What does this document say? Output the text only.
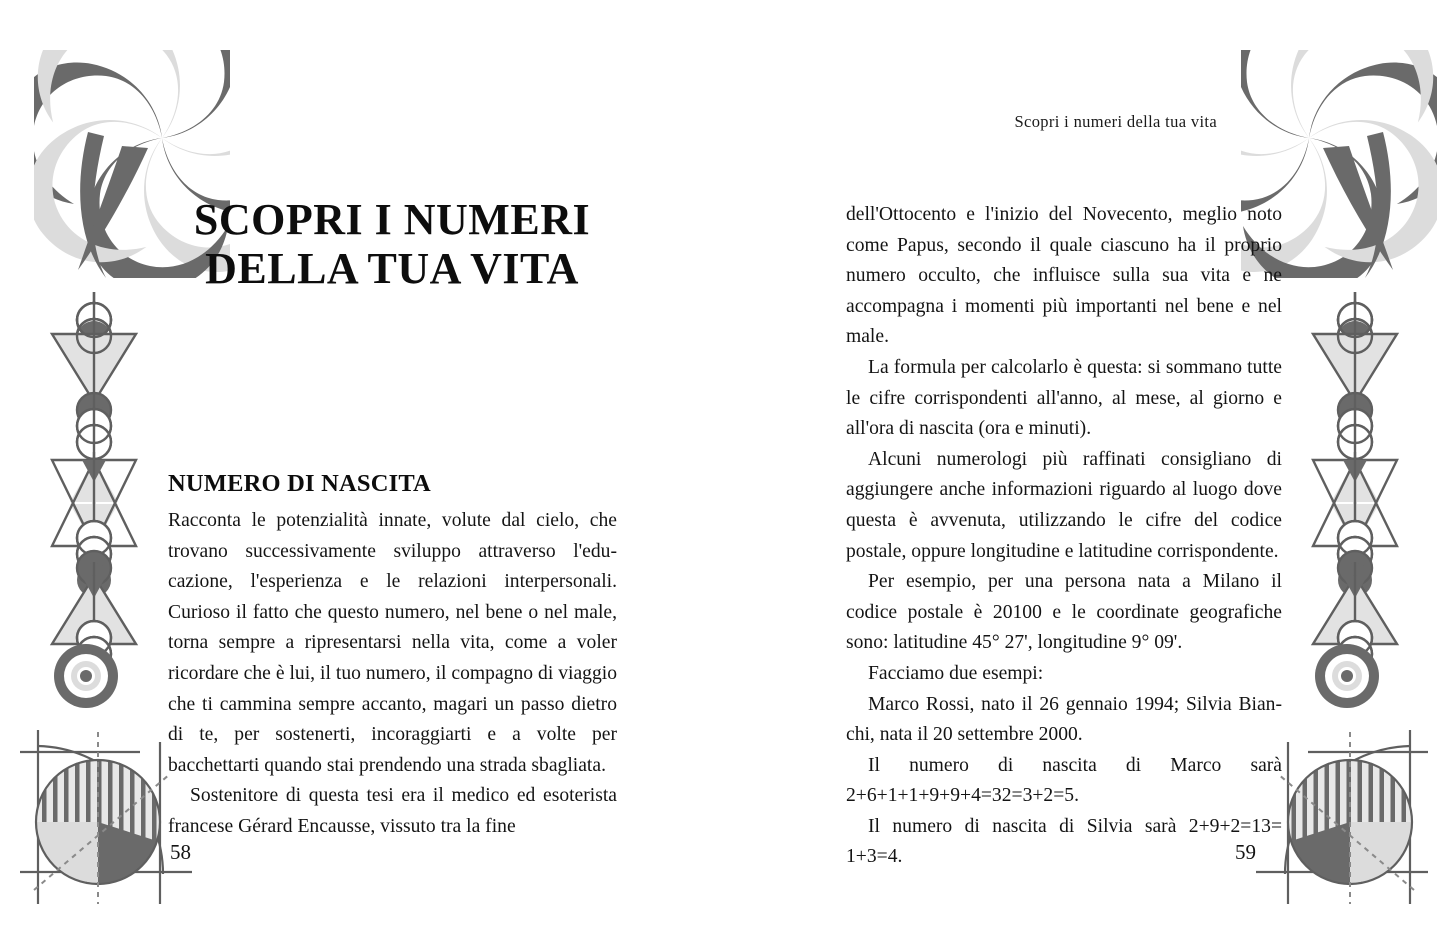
SCOPRI I NUMERI
DELLA TUA VITA
NUMERO DI NASCITA

Racconta le potenzialità innate, volute dal cielo, che trovano successivamente sviluppo attraverso l'educazione, l'esperienza e le relazioni interpersonali. Curioso il fatto che questo numero, nel bene o nel male, torna sempre a ripresentarsi nella vita, come a voler ricordare che è lui, il tuo numero, il compagno di viaggio che ti cammina sempre accanto, magari un passo dietro di te, per sostenerti, incoraggiarti e a volte per bacchettarti quando stai prendendo una strada sbagliata.

Sostenitore di questa tesi era il medico ed esoterista francese Gérard Encausse, vissuto tra la fine

58
Scopri i numeri della tua vita

dell'Ottocento e l'inizio del Novecento, meglio noto come Papus, secondo il quale ciascuno ha il proprio numero occulto, che influisce sulla sua vita e ne accompagna i momenti più importanti nel bene e nel male.

La formula per calcolarlo è questa: si sommano tutte le cifre corrispondenti all'anno, al mese, al giorno e all'ora di nascita (ora e minuti).

Alcuni numerologi più raffinati consigliano di aggiungere anche informazioni riguardo al luogo dove questa è avvenuta, utilizzando le cifre del codice postale, oppure longitudine e latitudine corrispondente.

Per esempio, per una persona nata a Milano il codice postale è 20100 e le coordinate geografiche sono: latitudine 45° 27', longitudine 9° 09'.

Facciamo due esempi:

Marco Rossi, nato il 26 gennaio 1994; Silvia Bianchi, nata il 20 settembre 2000.

Il numero di nascita di Marco sarà 2+6+1+1+9+9+4=32=3+2=5.

Il numero di nascita di Silvia sarà 2+9+2=13= 1+3=4.	59
